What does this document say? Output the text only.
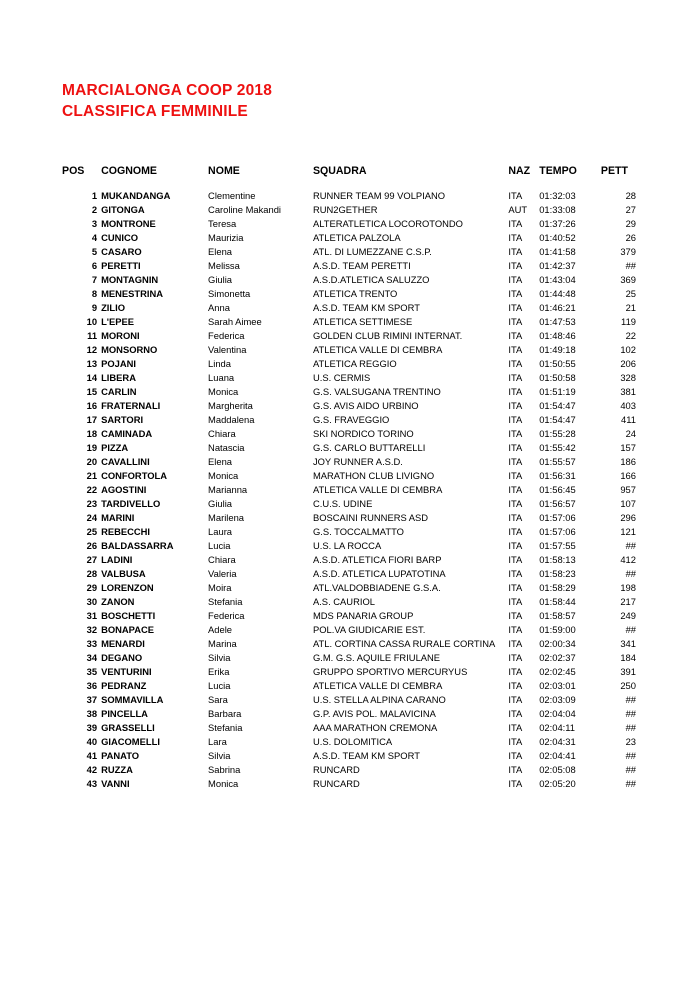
MARCIALONGA COOP 2018
CLASSIFICA FEMMINILE
POS	COGNOME	NOME	SQUADRA	NAZ	TEMPO	PETT
1	MUKANDANGA	Clementine	RUNNER TEAM 99 VOLPIANO	ITA	01:32:03	28
2	GITONGA	Caroline Makandi	RUN2GETHER	AUT	01:33:08	27
3	MONTRONE	Teresa	ALTERATLETICA LOCOROTONDO	ITA	01:37:26	29
4	CUNICO	Maurizia	ATLETICA PALZOLA	ITA	01:40:52	26
5	CASARO	Elena	ATL. DI LUMEZZANE C.S.P.	ITA	01:41:58	379
6	PERETTI	Melissa	A.S.D. TEAM PERETTI	ITA	01:42:37	##
7	MONTAGNIN	Giulia	A.S.D.ATLETICA SALUZZO	ITA	01:43:04	369
8	MENESTRINA	Simonetta	ATLETICA TRENTO	ITA	01:44:48	25
9	ZILIO	Anna	A.S.D. TEAM KM SPORT	ITA	01:46:21	21
10	L'EPEE	Sarah Aimee	ATLETICA SETTIMESE	ITA	01:47:53	119
11	MORONI	Federica	GOLDEN CLUB RIMINI INTERNAT.	ITA	01:48:46	22
12	MONSORNO	Valentina	ATLETICA VALLE DI CEMBRA	ITA	01:49:18	102
13	POJANI	Linda	ATLETICA REGGIO	ITA	01:50:55	206
14	LIBERA	Luana	U.S. CERMIS	ITA	01:50:58	328
15	CARLIN	Monica	G.S. VALSUGANA TRENTINO	ITA	01:51:19	381
16	FRATERNALI	Margherita	G.S. AVIS AIDO URBINO	ITA	01:54:47	403
17	SARTORI	Maddalena	G.S. FRAVEGGIO	ITA	01:54:47	411
18	CAMINADA	Chiara	SKI NORDICO TORINO	ITA	01:55:28	24
19	PIZZA	Natascia	G.S. CARLO BUTTARELLI	ITA	01:55:42	157
20	CAVALLINI	Elena	JOY RUNNER A.S.D.	ITA	01:55:57	186
21	CONFORTOLA	Monica	MARATHON CLUB LIVIGNO	ITA	01:56:31	166
22	AGOSTINI	Marianna	ATLETICA VALLE DI CEMBRA	ITA	01:56:45	957
23	TARDIVELLO	Giulia	C.U.S. UDINE	ITA	01:56:57	107
24	MARINI	Marilena	BOSCAINI RUNNERS ASD	ITA	01:57:06	296
25	REBECCHI	Laura	G.S. TOCCALMATTO	ITA	01:57:06	121
26	BALDASSARRA	Lucia	U.S. LA ROCCA	ITA	01:57:55	##
27	LADINI	Chiara	A.S.D. ATLETICA FIORI BARP	ITA	01:58:13	412
28	VALBUSA	Valeria	A.S.D. ATLETICA LUPATOTINA	ITA	01:58:23	##
29	LORENZON	Moira	ATL.VALDOBBIADENE G.S.A.	ITA	01:58:29	198
30	ZANON	Stefania	A.S. CAURIOL	ITA	01:58:44	217
31	BOSCHETTI	Federica	MDS PANARIA GROUP	ITA	01:58:57	249
32	BONAPACE	Adele	POL.VA GIUDICARIE EST.	ITA	01:59:00	##
33	MENARDI	Marina	ATL. CORTINA CASSA RURALE CORTINA	ITA	02:00:34	341
34	DEGANO	Silvia	G.M. G.S. AQUILE FRIULANE	ITA	02:02:37	184
35	VENTURINI	Erika	GRUPPO SPORTIVO MERCURYUS	ITA	02:02:45	391
36	PEDRANZ	Lucia	ATLETICA VALLE DI CEMBRA	ITA	02:03:01	250
37	SOMMAVILLA	Sara	U.S. STELLA ALPINA CARANO	ITA	02:03:09	##
38	PINCELLA	Barbara	G.P. AVIS POL. MALAVICINA	ITA	02:04:04	##
39	GRASSELLI	Stefania	AAA MARATHON CREMONA	ITA	02:04:11	##
40	GIACOMELLI	Lara	U.S. DOLOMITICA	ITA	02:04:31	23
41	PANATO	Silvia	A.S.D. TEAM KM SPORT	ITA	02:04:41	##
42	RUZZA	Sabrina	RUNCARD	ITA	02:05:08	##
43	VANNI	Monica	RUNCARD	ITA	02:05:20	##
